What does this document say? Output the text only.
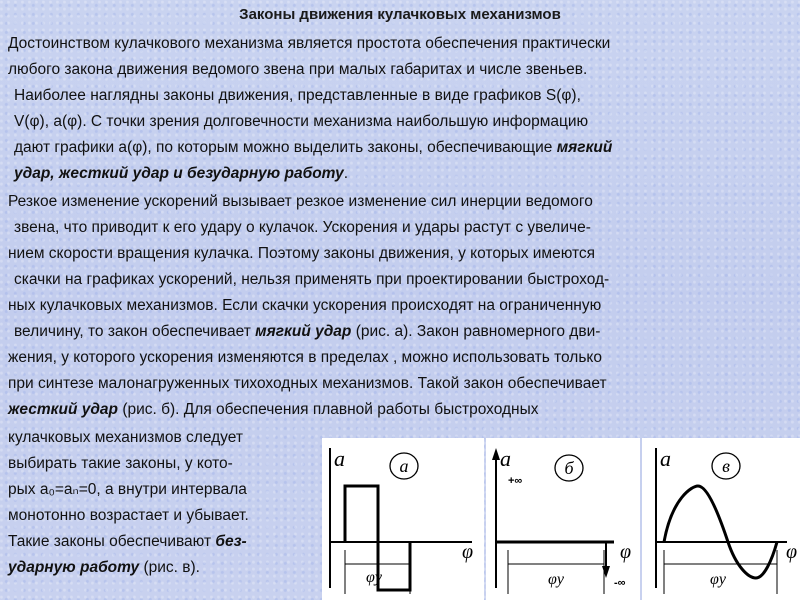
Законы движения кулачковых механизмов
Достоинством кулачкового механизма является простота обеспечения практически
любого закона движения ведомого звена при малых габаритах и числе звеньев.
Наиболее наглядны законы движения, представленные в виде графиков S(φ),
V(φ), a(φ). С точки зрения долговечности механизма наибольшую информацию
дают графики a(φ), по которым можно выделить законы, обеспечивающие мягкий
удар, жесткий удар и безударную работу.
Резкое изменение ускорений вызывает резкое изменение сил инерции ведомого
звена, что приводит к его удару о кулачок. Ускорения и удары растут с увеличе-
нием скорости вращения кулачка. Поэтому законы движения, у которых имеются
скачки на графиках ускорений, нельзя применять при проектировании быстроход-
ных кулачковых механизмов. Если скачки ускорения происходят на ограниченную
величину, то закон обеспечивает мягкий удар (рис. а). Закон равномерного дви-
жения, у которого ускорения изменяются в пределах , можно использовать только
при синтезе малонагруженных тихоходных механизмов. Такой закон обеспечивает
жесткий удар (рис. б). Для обеспечения плавной работы быстроходных
кулачковых механизмов следует
выбирать такие законы, у кото-
рых a₀=aₙ=0, а внутри интервала
монотонно возрастает и убывает.
Такие законы обеспечивают без-
ударную работу (рис. в).
a	а
φ
φу
a
+∞
б
φ
-∞
φу
a	в
φ
φу
